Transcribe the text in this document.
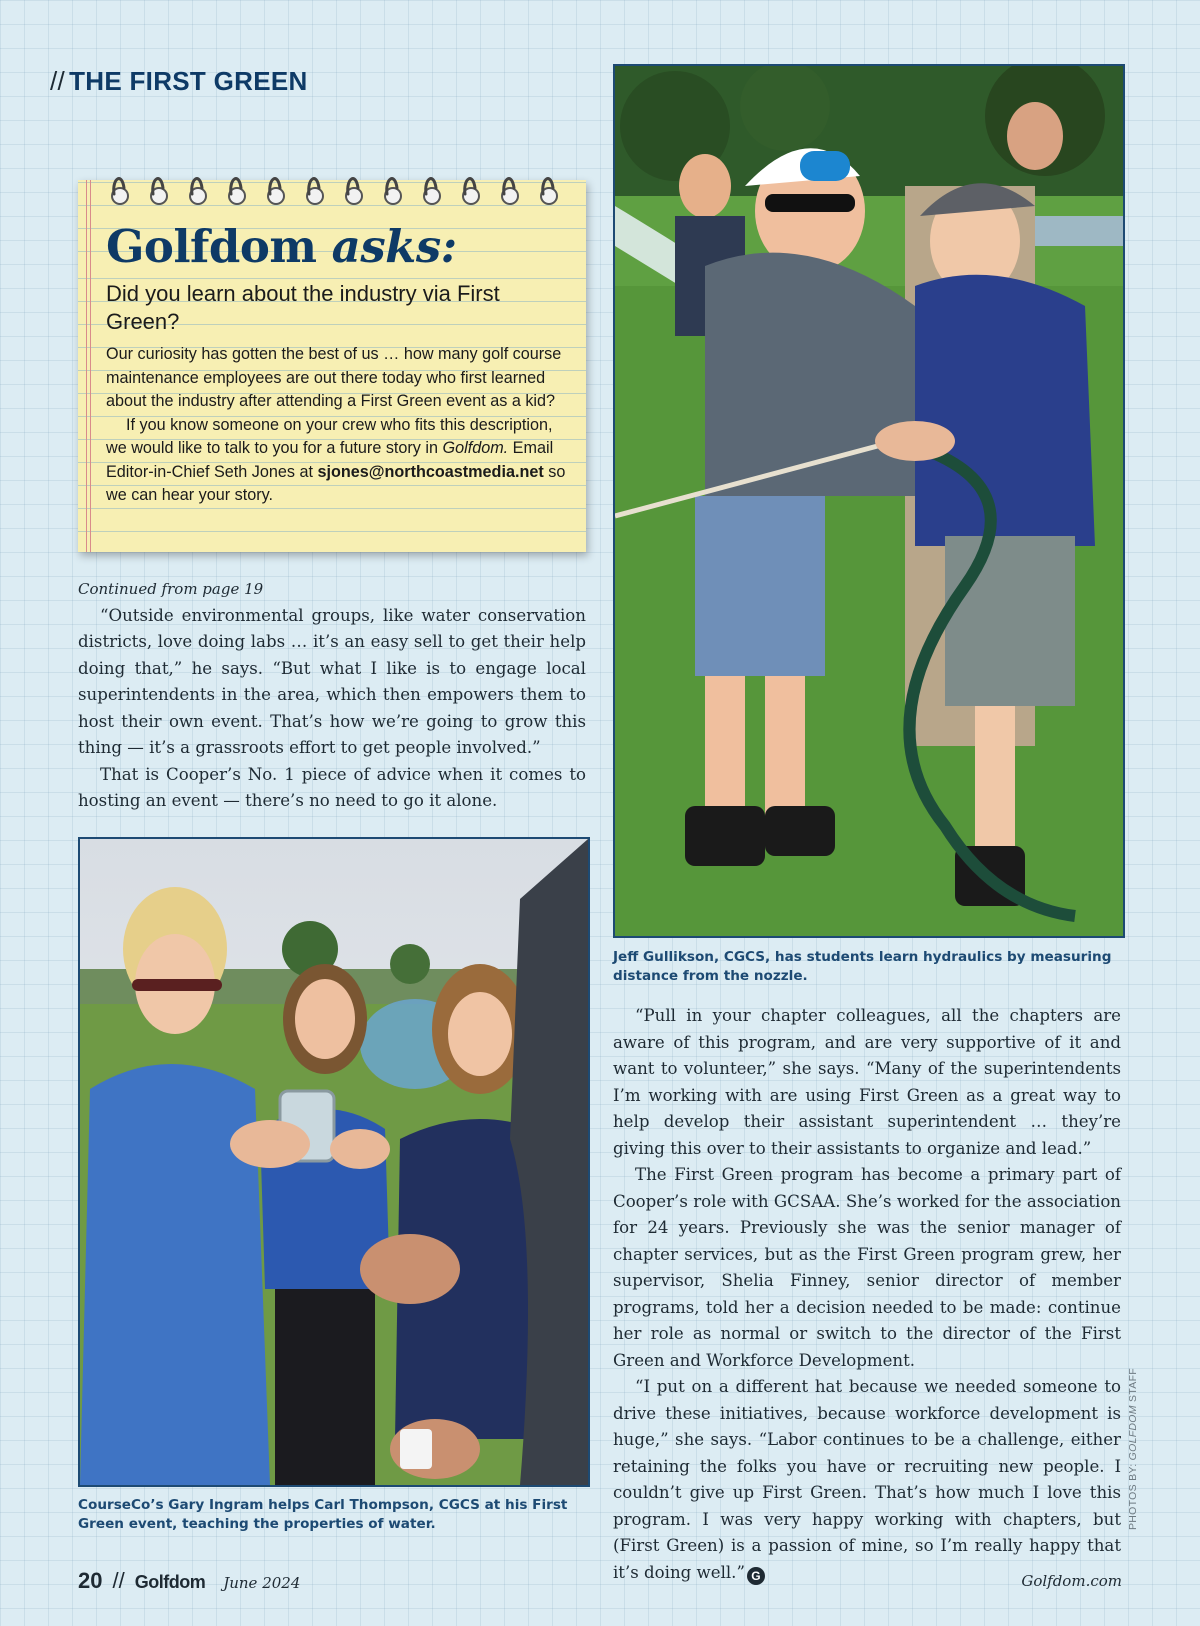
// THE FIRST GREEN
Golfdom asks:
Did you learn about the industry via First Green?

Our curiosity has gotten the best of us … how many golf course maintenance employees are out there today who first learned about the industry after attending a First Green event as a kid?

If you know someone on your crew who fits this description, we would like to talk to you for a future story in Golfdom. Email Editor-in-Chief Seth Jones at sjones@northcoastmedia.net so we can hear your story.

Continued from page 19

“Outside environmental groups, like water conservation districts, love doing labs … it’s an easy sell to get their help doing that,” he says. “But what I like is to engage local superintendents in the area, which then empowers them to host their own event. That’s how we’re going to grow this thing — it’s a grassroots effort to get people involved.”

That is Cooper’s No. 1 piece of advice when it comes to hosting an event — there’s no need to go it alone.

CourseCo’s Gary Ingram helps Carl Thompson, CGCS at his First Green event, teaching the properties of water.
Jeff Gullikson, CGCS, has students learn hydraulics by measuring distance from the nozzle.

“Pull in your chapter colleagues, all the chapters are aware of this program, and are very supportive of it and want to volunteer,” she says. “Many of the superintendents I’m working with are using First Green as a great way to help develop their assistant superintendent … they’re giving this over to their assistants to organize and lead.”

The First Green program has become a primary part of Cooper’s role with GCSAA. She’s worked for the association for 24 years. Previously she was the senior manager of chapter services, but as the First Green program grew, her supervisor, Shelia Finney, senior director of member programs, told her a decision needed to be made: continue her role as normal or switch to the director of the First Green and Workforce Development.

“I put on a different hat because we needed someone to drive these initiatives, because workforce development is huge,” she says. “Labor continues to be a challenge, either retaining the folks you have or recruiting new people. I couldn’t give up First Green. That’s how much I love this program. I was very happy working with chapters, but (First Green) is a passion of mine, so I’m really happy that it’s doing well.” G

PHOTOS BY: GOLFDOM STAFF
20 // Golfdom June 2024	Golfdom.com
